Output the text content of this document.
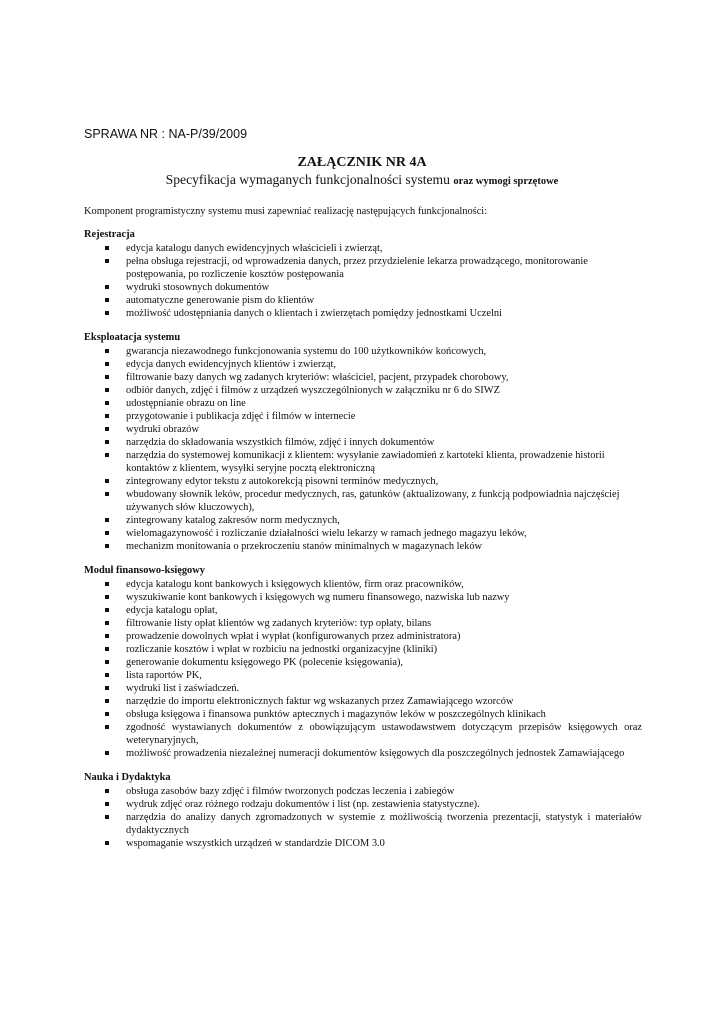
SPRAWA NR : NA-P/39/2009
ZAŁĄCZNIK NR 4A
Specyfikacja wymaganych funkcjonalności systemu oraz wymogi sprzętowe

Komponent programistyczny systemu musi zapewniać realizację następujących funkcjonalności:

Rejestracja
edycja katalogu danych ewidencyjnych właścicieli i zwierząt,
pełna obsługa rejestracji, od wprowadzenia danych, przez przydzielenie lekarza prowadzącego, monitorowanie postępowania, po rozliczenie kosztów postępowania
wydruki stosownych dokumentów
automatyczne generowanie pism do klientów
możliwość udostępniania danych o klientach i zwierzętach pomiędzy jednostkami Uczelni
Eksploatacja systemu
gwarancja niezawodnego funkcjonowania systemu do 100 użytkowników końcowych,
edycja danych ewidencyjnych klientów i zwierząt,
filtrowanie bazy danych wg zadanych kryteriów: właściciel, pacjent, przypadek chorobowy,
odbiór danych, zdjęć i filmów z urządzeń wyszczególnionych w załączniku nr 6 do SIWZ
udostępnianie obrazu on line
przygotowanie i publikacja zdjęć i filmów w internecie
wydruki obrazów
narzędzia do składowania wszystkich filmów, zdjęć i innych dokumentów
narzędzia do systemowej komunikacji z klientem: wysyłanie zawiadomień z kartoteki klienta, prowadzenie historii kontaktów z klientem, wysyłki seryjne pocztą elektroniczną
zintegrowany edytor tekstu z autokorekcją pisowni terminów medycznych,
wbudowany słownik leków, procedur medycznych, ras, gatunków (aktualizowany, z funkcją podpowiadnia najczęściej używanych słów kluczowych),
zintegrowany katalog zakresów norm medycznych,
wielomagazynowość i rozliczanie działalności wielu lekarzy w ramach jednego magazyu leków,
mechanizm monitowania o przekroczeniu stanów minimalnych w magazynach leków
Moduł finansowo-księgowy
edycja katalogu kont bankowych i księgowych klientów, firm oraz pracowników,
wyszukiwanie kont bankowych i księgowych wg numeru finansowego, nazwiska lub nazwy
edycja katalogu opłat,
filtrowanie listy opłat klientów wg zadanych kryteriów: typ opłaty, bilans
prowadzenie dowolnych wpłat i wypłat (konfigurowanych przez administratora)
rozliczanie kosztów i wpłat w rozbiciu na jednostki organizacyjne (kliniki)
generowanie dokumentu księgowego PK (polecenie księgowania),
lista raportów PK,
wydruki list i zaświadczeń.
narzędzie do importu elektronicznych faktur wg wskazanych przez Zamawiającego wzorców
obsługa księgowa i finansowa punktów aptecznych i magazynów leków w poszczególnych klinikach
zgodność wystawianych dokumentów z obowiązującym ustawodawstwem dotyczącym przepisów księgowych oraz weterynaryjnych,
możliwość prowadzenia niezależnej numeracji dokumentów księgowych dla poszczególnych jednostek Zamawiającego
Nauka i Dydaktyka
obsługa zasobów bazy zdjęć i filmów tworzonych podczas leczenia i zabiegów
wydruk zdjęć oraz różnego rodzaju dokumentów i list (np. zestawienia statystyczne).
narzędzia do analizy danych zgromadzonych w systemie z możliwością tworzenia prezentacji, statystyk i materiałów dydaktycznych
wspomaganie wszystkich urządzeń w standardzie DICOM 3.0
